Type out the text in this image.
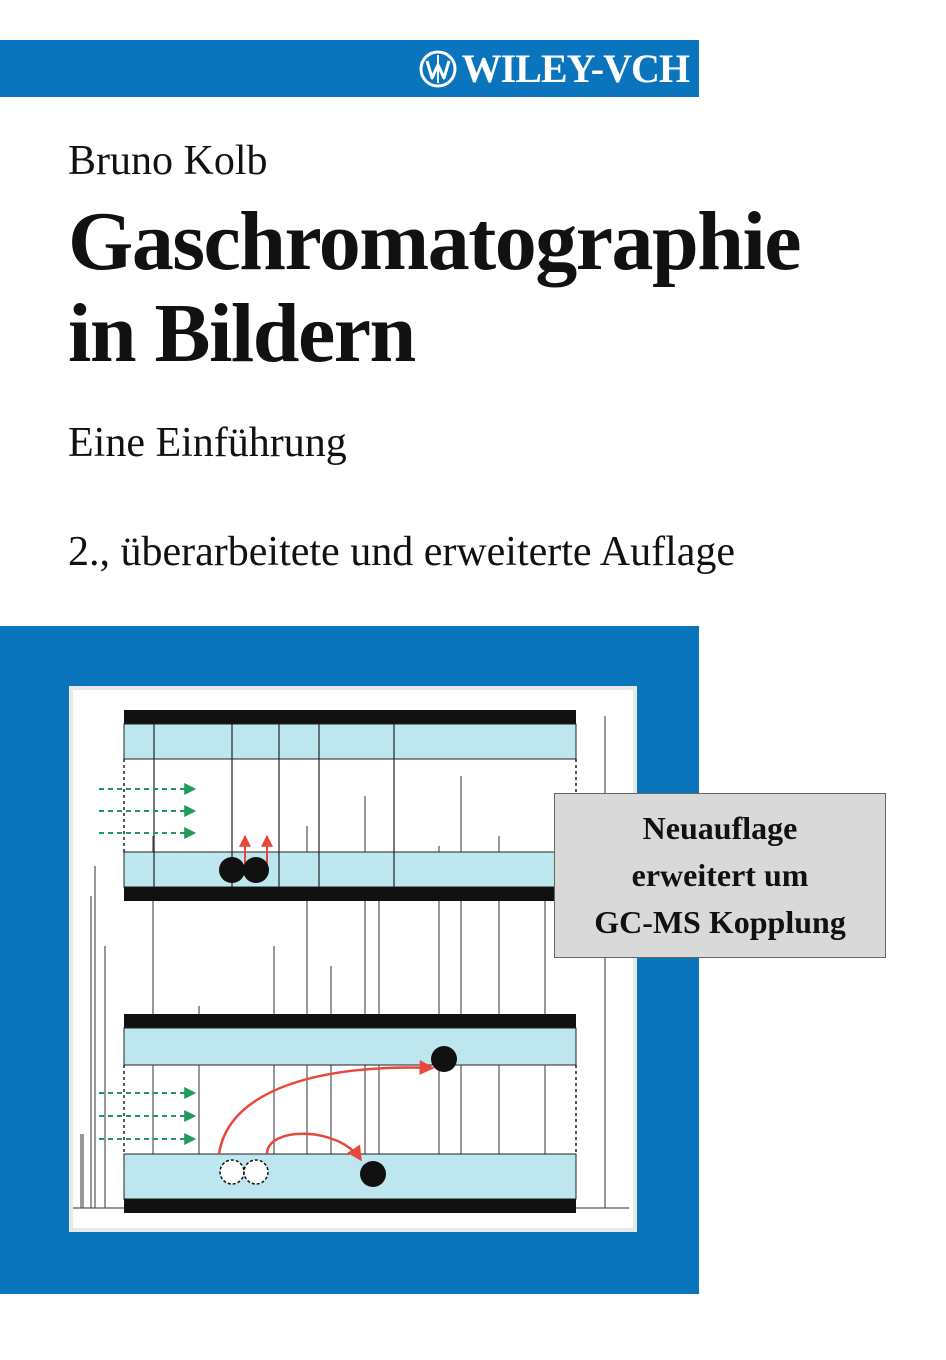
WILEY-VCH
Bruno Kolb
Gaschromatographie
in Bildern
Eine Einführung
2., überarbeitete und erweiterte Auflage
Neuauflage
erweitert um
GC-MS Kopplung
